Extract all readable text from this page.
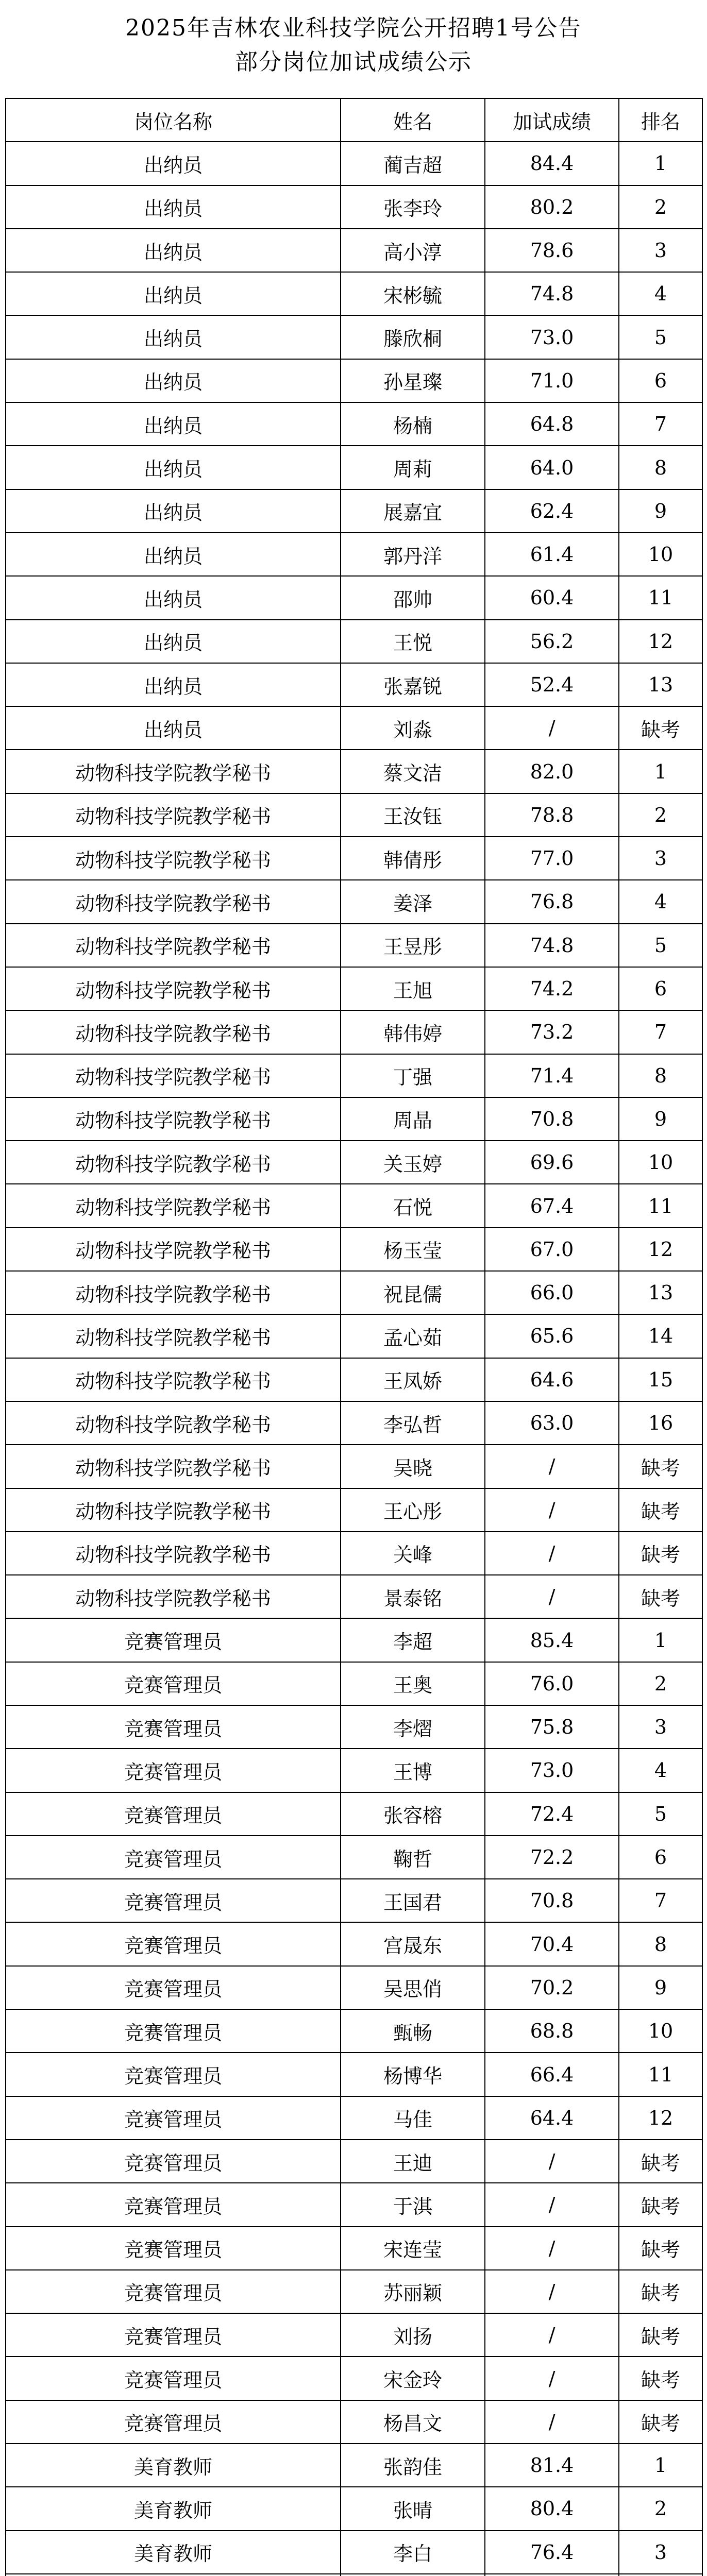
2025年吉林农业科技学院公开招聘1号公告
部分岗位加试成绩公示
岗位名称	姓名	加试成绩	排名
出纳员	蔺吉超	84.4	1
出纳员	张李玲	80.2	2
出纳员	高小淳	78.6	3
出纳员	宋彬毓	74.8	4
出纳员	滕欣桐	73.0	5
出纳员	孙星璨	71.0	6
出纳员	杨楠	64.8	7
出纳员	周莉	64.0	8
出纳员	展嘉宜	62.4	9
出纳员	郭丹洋	61.4	10
出纳员	邵帅	60.4	11
出纳员	王悦	56.2	12
出纳员	张嘉锐	52.4	13
出纳员	刘淼	/	缺考
动物科技学院教学秘书	蔡文洁	82.0	1
动物科技学院教学秘书	王汝钰	78.8	2
动物科技学院教学秘书	韩倩彤	77.0	3
动物科技学院教学秘书	姜泽	76.8	4
动物科技学院教学秘书	王昱彤	74.8	5
动物科技学院教学秘书	王旭	74.2	6
动物科技学院教学秘书	韩伟婷	73.2	7
动物科技学院教学秘书	丁强	71.4	8
动物科技学院教学秘书	周晶	70.8	9
动物科技学院教学秘书	关玉婷	69.6	10
动物科技学院教学秘书	石悦	67.4	11
动物科技学院教学秘书	杨玉莹	67.0	12
动物科技学院教学秘书	祝昆儒	66.0	13
动物科技学院教学秘书	孟心茹	65.6	14
动物科技学院教学秘书	王凤娇	64.6	15
动物科技学院教学秘书	李弘哲	63.0	16
动物科技学院教学秘书	吴晓	/	缺考
动物科技学院教学秘书	王心彤	/	缺考
动物科技学院教学秘书	关峰	/	缺考
动物科技学院教学秘书	景泰铭	/	缺考
竞赛管理员	李超	85.4	1
竞赛管理员	王奥	76.0	2
竞赛管理员	李熠	75.8	3
竞赛管理员	王博	73.0	4
竞赛管理员	张容榕	72.4	5
竞赛管理员	鞠哲	72.2	6
竞赛管理员	王国君	70.8	7
竞赛管理员	宫晟东	70.4	8
竞赛管理员	吴思俏	70.2	9
竞赛管理员	甄畅	68.8	10
竞赛管理员	杨博华	66.4	11
竞赛管理员	马佳	64.4	12
竞赛管理员	王迪	/	缺考
竞赛管理员	于淇	/	缺考
竞赛管理员	宋连莹	/	缺考
竞赛管理员	苏丽颖	/	缺考
竞赛管理员	刘扬	/	缺考
竞赛管理员	宋金玲	/	缺考
竞赛管理员	杨昌文	/	缺考
美育教师	张韵佳	81.4	1
美育教师	张晴	80.4	2
美育教师	李白	76.4	3
